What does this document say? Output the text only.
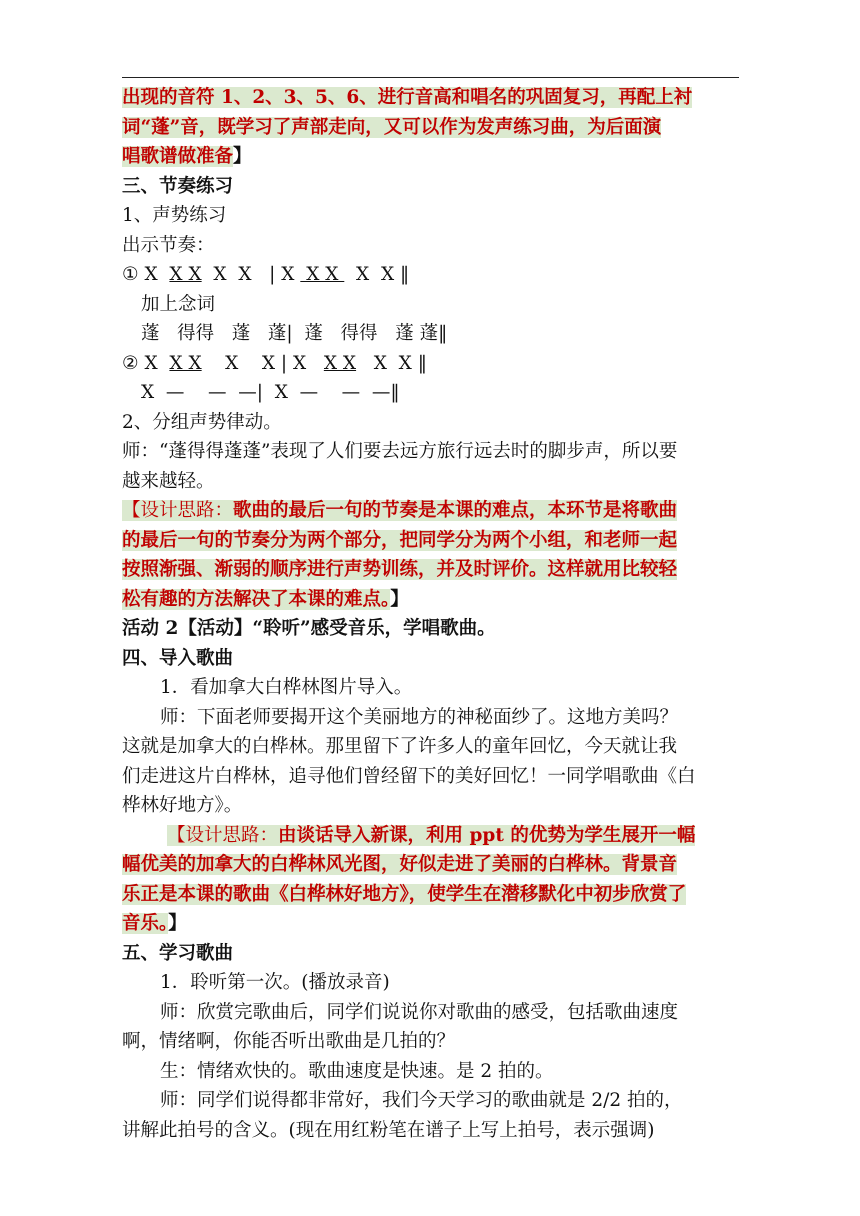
出现的音符 1、2、3、5、6、进行音高和唱名的巩固复习，再配上衬
词“蓬”音，既学习了声部走向，又可以作为发声练习曲，为后面演
唱歌谱做准备】
三、节奏练习
1、声势练习
出示节奏：
① X  X X  X  X   | X  X X   X  X ‖
加上念词
蓬   得得   蓬   蓬|  蓬   得得   蓬 蓬‖
② X  X X    X    X | X   X X   X  X ‖
X  —    —  —|  X  —    —  —‖
2、分组声势律动。
师：“蓬得得蓬蓬”表现了人们要去远方旅行远去时的脚步声，所以要
越来越轻。
【设计思路：歌曲的最后一句的节奏是本课的难点，本环节是将歌曲
的最后一句的节奏分为两个部分，把同学分为两个小组，和老师一起
按照渐强、渐弱的顺序进行声势训练，并及时评价。这样就用比较轻
松有趣的方法解决了本课的难点。】
活动 2【活动】“聆听”感受音乐，学唱歌曲。
四、导入歌曲
1．看加拿大白桦林图片导入。
师：下面老师要揭开这个美丽地方的神秘面纱了。这地方美吗？
这就是加拿大的白桦林。那里留下了许多人的童年回忆，今天就让我
们走进这片白桦林，追寻他们曾经留下的美好回忆！一同学唱歌曲《白
桦林好地方》。
【设计思路：由谈话导入新课，利用 ppt 的优势为学生展开一幅
幅优美的加拿大的白桦林风光图，好似走进了美丽的白桦林。背景音
乐正是本课的歌曲《白桦林好地方》，使学生在潜移默化中初步欣赏了
音乐。】
五、学习歌曲
1．聆听第一次。(播放录音)
师：欣赏完歌曲后，同学们说说你对歌曲的感受，包括歌曲速度
啊，情绪啊，你能否听出歌曲是几拍的？
生：情绪欢快的。歌曲速度是快速。是 2 拍的。
师：同学们说得都非常好，我们今天学习的歌曲就是 2/2 拍的，
讲解此拍号的含义。(现在用红粉笔在谱子上写上拍号，表示强调)
